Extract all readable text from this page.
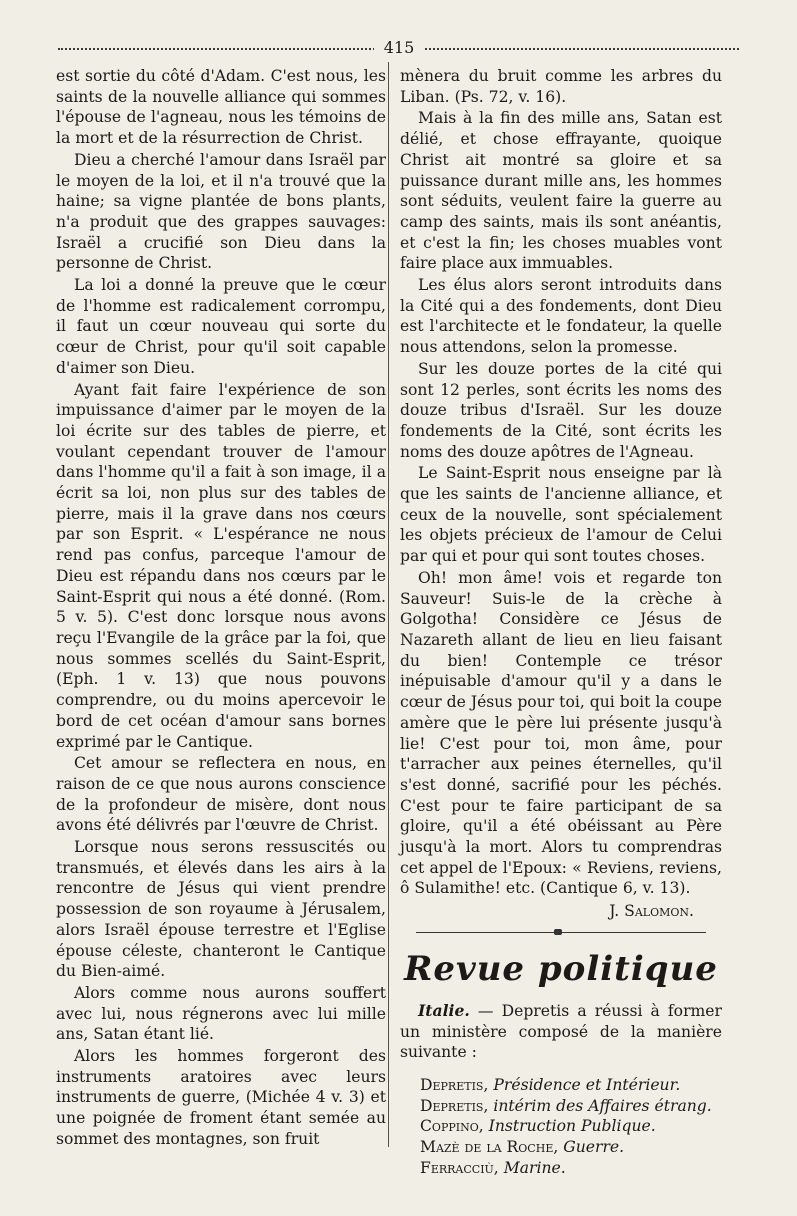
415

est sortie du côté d'Adam. C'est nous, les saints de la nouvelle alliance qui sommes l'épouse de l'agneau, nous les témoins de la mort et de la résurrection de Christ.

Dieu a cherché l'amour dans Israël par le moyen de la loi, et il n'a trouvé que la haine; sa vigne plantée de bons plants, n'a produit que des grappes sauvages: Israël a crucifié son Dieu dans la personne de Christ.

La loi a donné la preuve que le cœur de l'homme est radicalement corrompu, il faut un cœur nouveau qui sorte du cœur de Christ, pour qu'il soit capable d'aimer son Dieu.

Ayant fait faire l'expérience de son impuissance d'aimer par le moyen de la loi écrite sur des tables de pierre, et voulant cependant trouver de l'amour dans l'homme qu'il a fait à son image, il a écrit sa loi, non plus sur des tables de pierre, mais il la grave dans nos cœurs par son Esprit. « L'espérance ne nous rend pas confus, parceque l'amour de Dieu est répandu dans nos cœurs par le Saint-Esprit qui nous a été donné. (Rom. 5 v. 5). C'est donc lorsque nous avons reçu l'Evangile de la grâce par la foi, que nous sommes scellés du Saint-Esprit, (Eph. 1 v. 13) que nous pouvons comprendre, ou du moins apercevoir le bord de cet océan d'amour sans bornes exprimé par le Cantique.

Cet amour se reflectera en nous, en raison de ce que nous aurons conscience de la profondeur de misère, dont nous avons été délivrés par l'œuvre de Christ.

Lorsque nous serons ressuscités ou transmués, et élevés dans les airs à la rencontre de Jésus qui vient prendre possession de son royaume à Jérusalem, alors Israël épouse terrestre et l'Eglise épouse céleste, chanteront le Cantique du Bien-aimé.

Alors comme nous aurons souffert avec lui, nous régnerons avec lui mille ans, Satan étant lié.

Alors les hommes forgeront des instruments aratoires avec leurs instruments de guerre, (Michée 4 v. 3) et une poignée de froment étant semée au sommet des montagnes, son fruit

mènera du bruit comme les arbres du Liban. (Ps. 72, v. 16).

Mais à la fin des mille ans, Satan est délié, et chose effrayante, quoique Christ ait montré sa gloire et sa puissance durant mille ans, les hommes sont séduits, veulent faire la guerre au camp des saints, mais ils sont anéantis, et c'est la fin; les choses muables vont faire place aux immuables.

Les élus alors seront introduits dans la Cité qui a des fondements, dont Dieu est l'architecte et le fondateur, la quelle nous attendons, selon la promesse.

Sur les douze portes de la cité qui sont 12 perles, sont écrits les noms des douze tribus d'Israël. Sur les douze fondements de la Cité, sont écrits les noms des douze apôtres de l'Agneau.

Le Saint-Esprit nous enseigne par là que les saints de l'ancienne alliance, et ceux de la nouvelle, sont spécialement les objets précieux de l'amour de Celui par qui et pour qui sont toutes choses.

Oh! mon âme! vois et regarde ton Sauveur! Suis-le de la crèche à Golgotha! Considère ce Jésus de Nazareth allant de lieu en lieu faisant du bien! Contemple ce trésor inépuisable d'amour qu'il y a dans le cœur de Jésus pour toi, qui boit la coupe amère que le père lui présente jusqu'à lie! C'est pour toi, mon âme, pour t'arracher aux peines éternelles, qu'il s'est donné, sacrifié pour les péchés. C'est pour te faire participant de sa gloire, qu'il a été obéissant au Père jusqu'à la mort. Alors tu comprendras cet appel de l'Epoux: « Reviens, reviens, ô Sulamithe! etc. (Cantique 6, v. 13).

J. Salomon.
Revue politique

Italie. — Depretis a réussi à former un ministère composé de la manière suivante :

Depretis, Présidence et Intérieur.
Depretis, intérim des Affaires étrang.
Coppino, Instruction Publique.
Mazè de la Roche, Guerre.
Ferracciù, Marine.
